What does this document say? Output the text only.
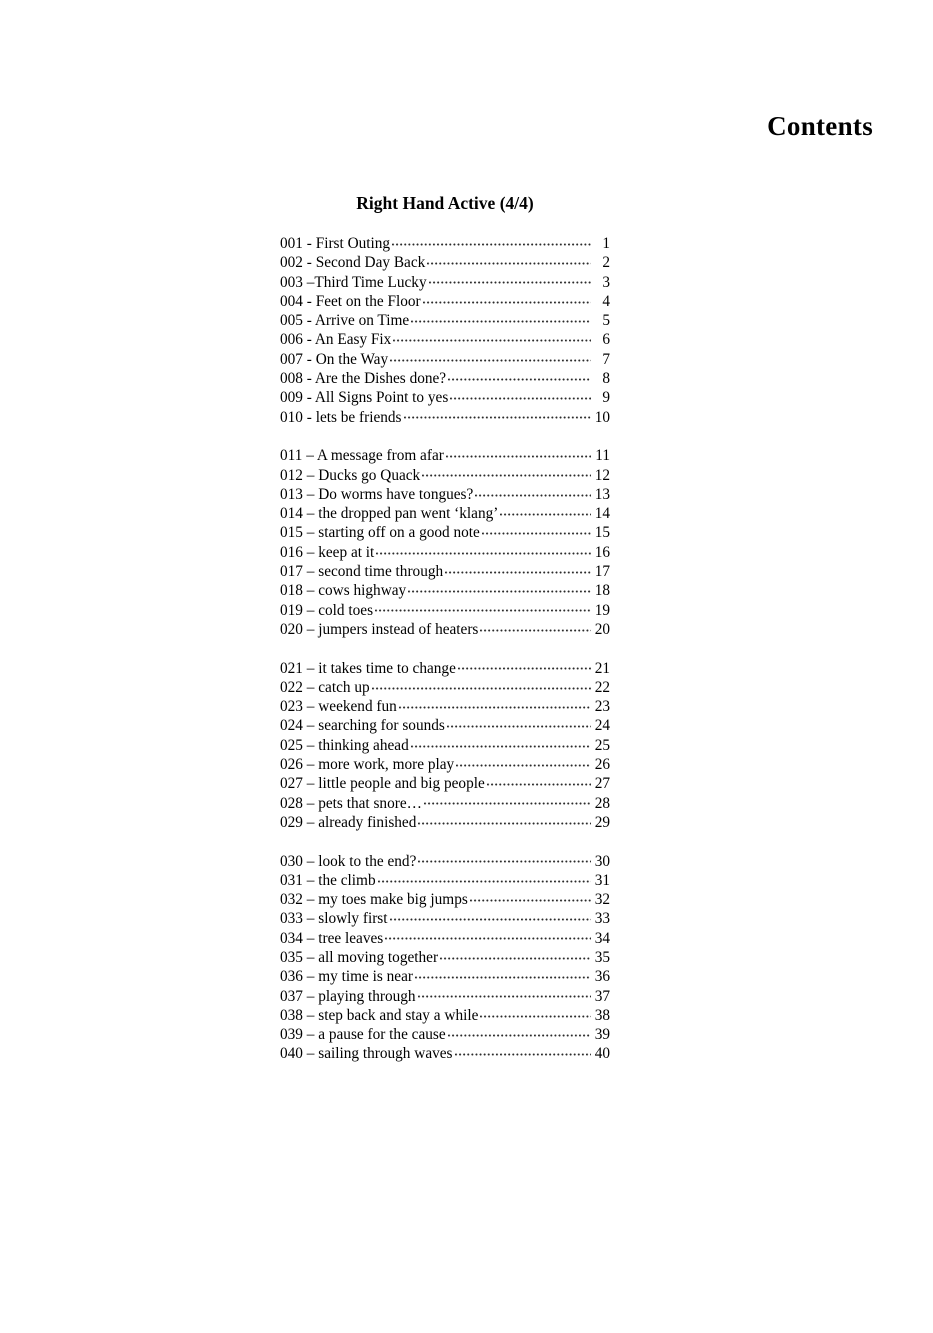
Contents
Right Hand Active (4/4)
001 - First Outing	1
002 - Second Day Back	2
003 –Third Time Lucky	3
004 - Feet on the Floor	4
005 - Arrive on Time	5
006 - An Easy Fix	6
007 - On the Way	7
008 - Are the Dishes done?	8
009 - All Signs Point to yes	9
010 - lets be friends	10
011 – A message from afar	11
012 – Ducks go Quack	12
013 – Do worms have tongues?	13
014 – the dropped pan went ‘klang’	14
015 – starting off on a good note	15
016 – keep at it	16
017 – second time through	17
018 – cows highway	18
019 – cold toes	19
020 – jumpers instead of heaters	20
021 – it takes time to change	21
022 – catch up	22
023 – weekend fun	23
024 – searching for sounds	24
025 – thinking ahead	25
026 – more work, more play	26
027 – little people and big people	27
028 – pets that snore…	28
029 – already finished	29
030 – look to the end?	30
031 – the climb	31
032 – my toes make big jumps	32
033 – slowly first	33
034 – tree leaves	34
035 – all moving together	35
036 – my time is near	36
037 – playing through	37
038 – step back and stay a while	38
039 – a pause for the cause	39
040 – sailing through waves	40
